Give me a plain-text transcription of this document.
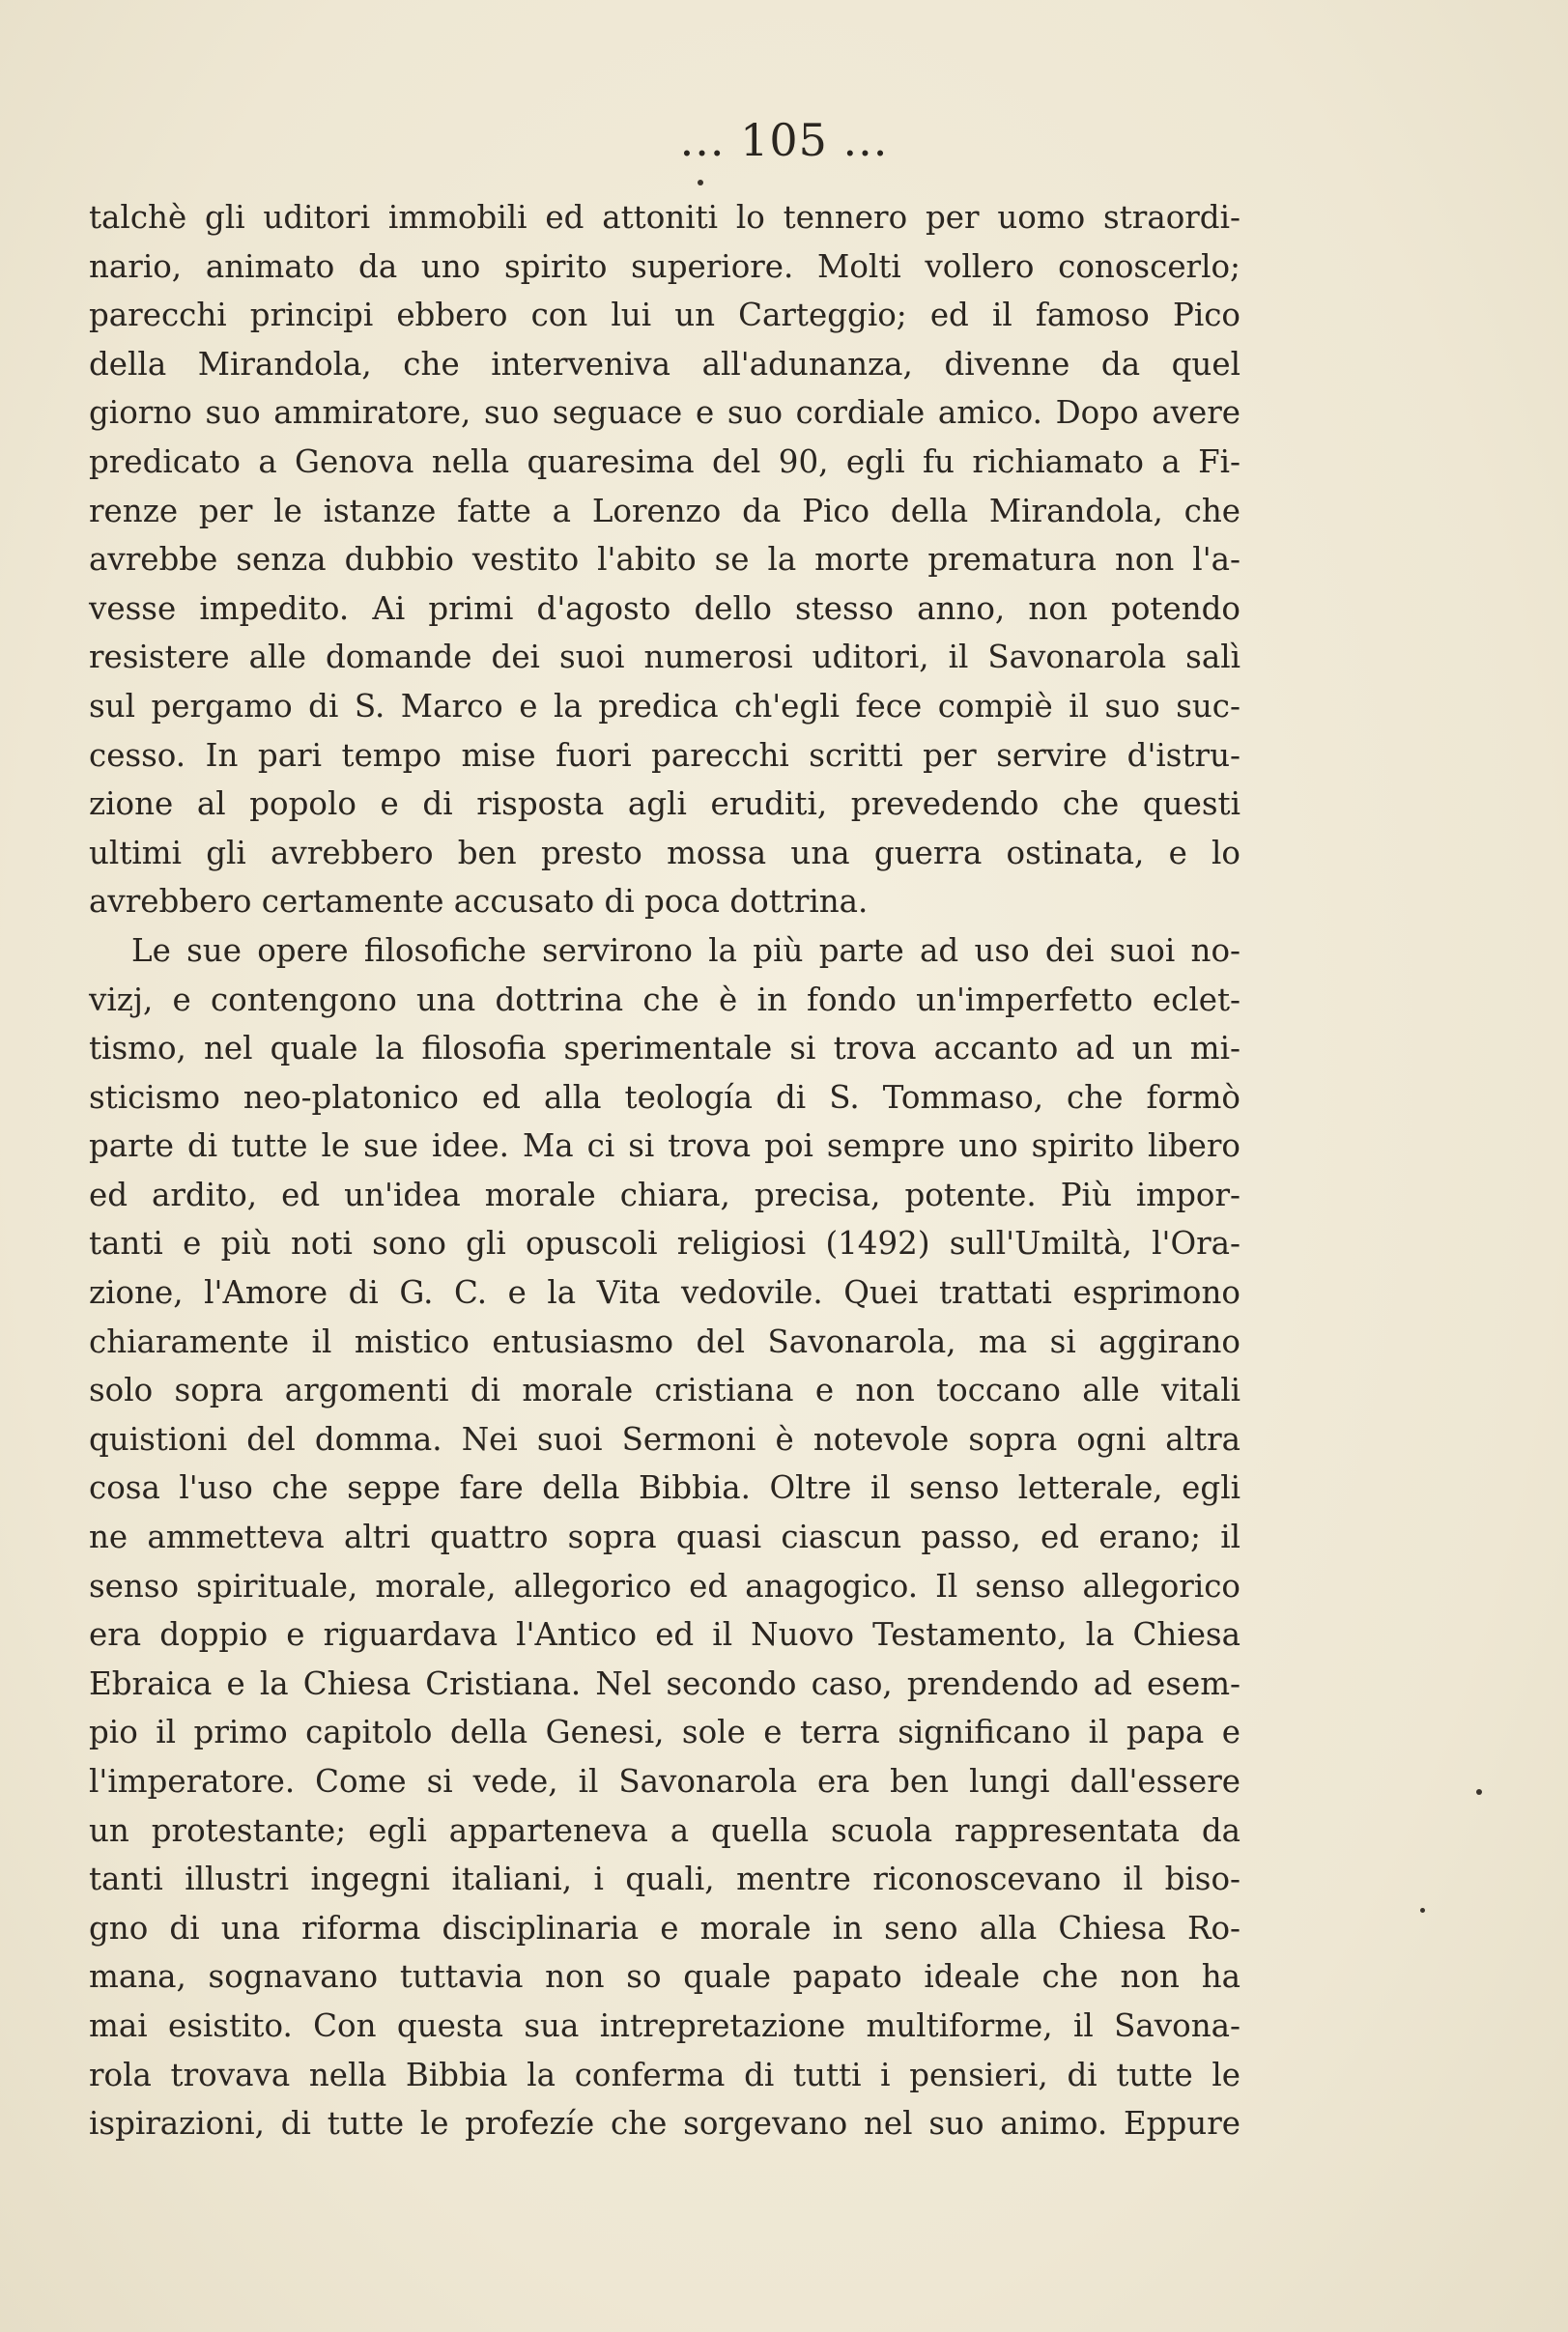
... 105 ...
talchè gli uditori immobili ed attoniti lo tennero per uomo straordi-
nario, animato da uno spirito superiore. Molti vollero conoscerlo;
parecchi principi ebbero con lui un Carteggio; ed il famoso Pico
della Mirandola, che interveniva all'adunanza, divenne da quel
giorno suo ammiratore, suo seguace e suo cordiale amico. Dopo avere
predicato a Genova nella quaresima del 90, egli fu richiamato a Fi-
renze per le istanze fatte a Lorenzo da Pico della Mirandola, che
avrebbe senza dubbio vestito l'abito se la morte prematura non l'a-
vesse impedito. Ai primi d'agosto dello stesso anno, non potendo
resistere alle domande dei suoi numerosi uditori, il Savonarola salì
sul pergamo di S. Marco e la predica ch'egli fece compiè il suo suc-
cesso. In pari tempo mise fuori parecchi scritti per servire d'istru-
zione al popolo e di risposta agli eruditi, prevedendo che questi
ultimi gli avrebbero ben presto mossa una guerra ostinata, e lo
avrebbero certamente accusato di poca dottrina.
Le sue opere filosofiche servirono la più parte ad uso dei suoi no-
vizj, e contengono una dottrina che è in fondo un'imperfetto eclet-
tismo, nel quale la filosofia sperimentale si trova accanto ad un mi-
sticismo neo-platonico ed alla teología di S. Tommaso, che formò
parte di tutte le sue idee. Ma ci si trova poi sempre uno spirito libero
ed ardito, ed un'idea morale chiara, precisa, potente. Più impor-
tanti e più noti sono gli opuscoli religiosi (1492) sull'Umiltà, l'Ora-
zione, l'Amore di G. C. e la Vita vedovile. Quei trattati esprimono
chiaramente il mistico entusiasmo del Savonarola, ma si aggirano
solo sopra argomenti di morale cristiana e non toccano alle vitali
quistioni del domma. Nei suoi Sermoni è notevole sopra ogni altra
cosa l'uso che seppe fare della Bibbia. Oltre il senso letterale, egli
ne ammetteva altri quattro sopra quasi ciascun passo, ed erano; il
senso spirituale, morale, allegorico ed anagogico. Il senso allegorico
era doppio e riguardava l'Antico ed il Nuovo Testamento, la Chiesa
Ebraica e la Chiesa Cristiana. Nel secondo caso, prendendo ad esem-
pio il primo capitolo della Genesi, sole e terra significano il papa e
l'imperatore. Come si vede, il Savonarola era ben lungi dall'essere
un protestante; egli apparteneva a quella scuola rappresentata da
tanti illustri ingegni italiani, i quali, mentre riconoscevano il biso-
gno di una riforma disciplinaria e morale in seno alla Chiesa Ro-
mana, sognavano tuttavia non so quale papato ideale che non ha
mai esistito. Con questa sua intrepretazione multiforme, il Savona-
rola trovava nella Bibbia la conferma di tutti i pensieri, di tutte le
ispirazioni, di tutte le profezíe che sorgevano nel suo animo. Eppure
